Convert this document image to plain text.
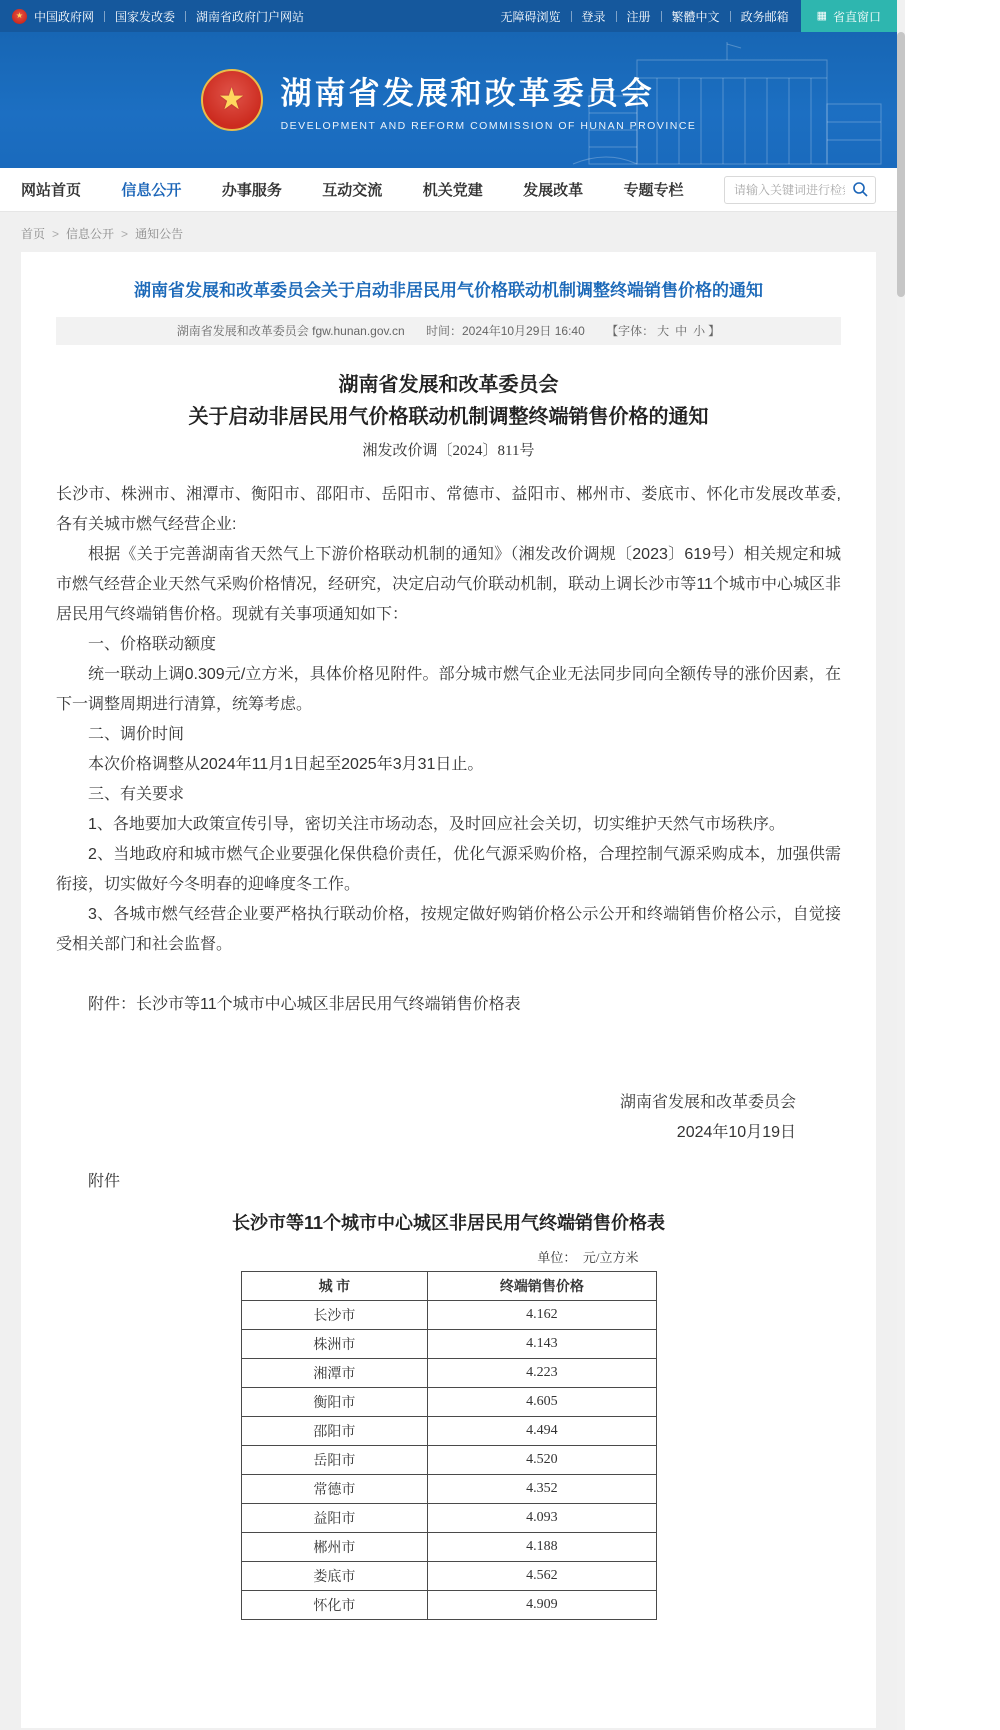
★ 中国政府网 国家发改委 湖南省政府门户网站	无障碍浏览 登录 注册 繁體中文 政务邮箱	▦ 省直窗口
★ 湖南省发展和改革委员会
DEVELOPMENT AND REFORM COMMISSION OF HUNAN PROVINCE
网站首页	信息公开	办事服务	互动交流	机关党建	发展改革	专题专栏
请输入关键词进行检索
首页 > 信息公开 > 通知公告
湖南省发展和改革委员会关于启动非居民用气价格联动机制调整终端销售价格的通知
湖南省发展和改革委员会 fgw.hunan.gov.cn 时间：2024年10月29日 16:40 【字体： 大 中 小 】
湖南省发展和改革委员会
关于启动非居民用气价格联动机制调整终端销售价格的通知
湘发改价调〔2024〕811号

长沙市、株洲市、湘潭市、衡阳市、邵阳市、岳阳市、常德市、益阳市、郴州市、娄底市、怀化市发展改革委,各有关城市燃气经营企业:

根据《关于完善湖南省天然气上下游价格联动机制的通知》（湘发改价调规〔2023〕619号）相关规定和城市燃气经营企业天然气采购价格情况，经研究，决定启动气价联动机制，联动上调长沙市等11个城市中心城区非居民用气终端销售价格。现就有关事项通知如下：

一、价格联动额度

统一联动上调0.309元/立方米，具体价格见附件。部分城市燃气企业无法同步同向全额传导的涨价因素，在下一调整周期进行清算，统筹考虑。

二、调价时间

本次价格调整从2024年11月1日起至2025年3月31日止。

三、有关要求

1、各地要加大政策宣传引导，密切关注市场动态，及时回应社会关切，切实维护天然气市场秩序。

2、当地政府和城市燃气企业要强化保供稳价责任，优化气源采购价格，合理控制气源采购成本，加强供需衔接，切实做好今冬明春的迎峰度冬工作。

3、各城市燃气经营企业要严格执行联动价格，按规定做好购销价格公示公开和终端销售价格公示，自觉接受相关部门和社会监督。

附件：长沙市等11个城市中心城区非居民用气终端销售价格表

湖南省发展和改革委员会
2024年10月19日
附件
长沙市等11个城市中心城区非居民用气终端销售价格表
单位：　元/立方米
城 市	终端销售价格
长沙市	4.162
株洲市	4.143
湘潭市	4.223
衡阳市	4.605
邵阳市	4.494
岳阳市	4.520
常德市	4.352
益阳市	4.093
郴州市	4.188
娄底市	4.562
怀化市	4.909
